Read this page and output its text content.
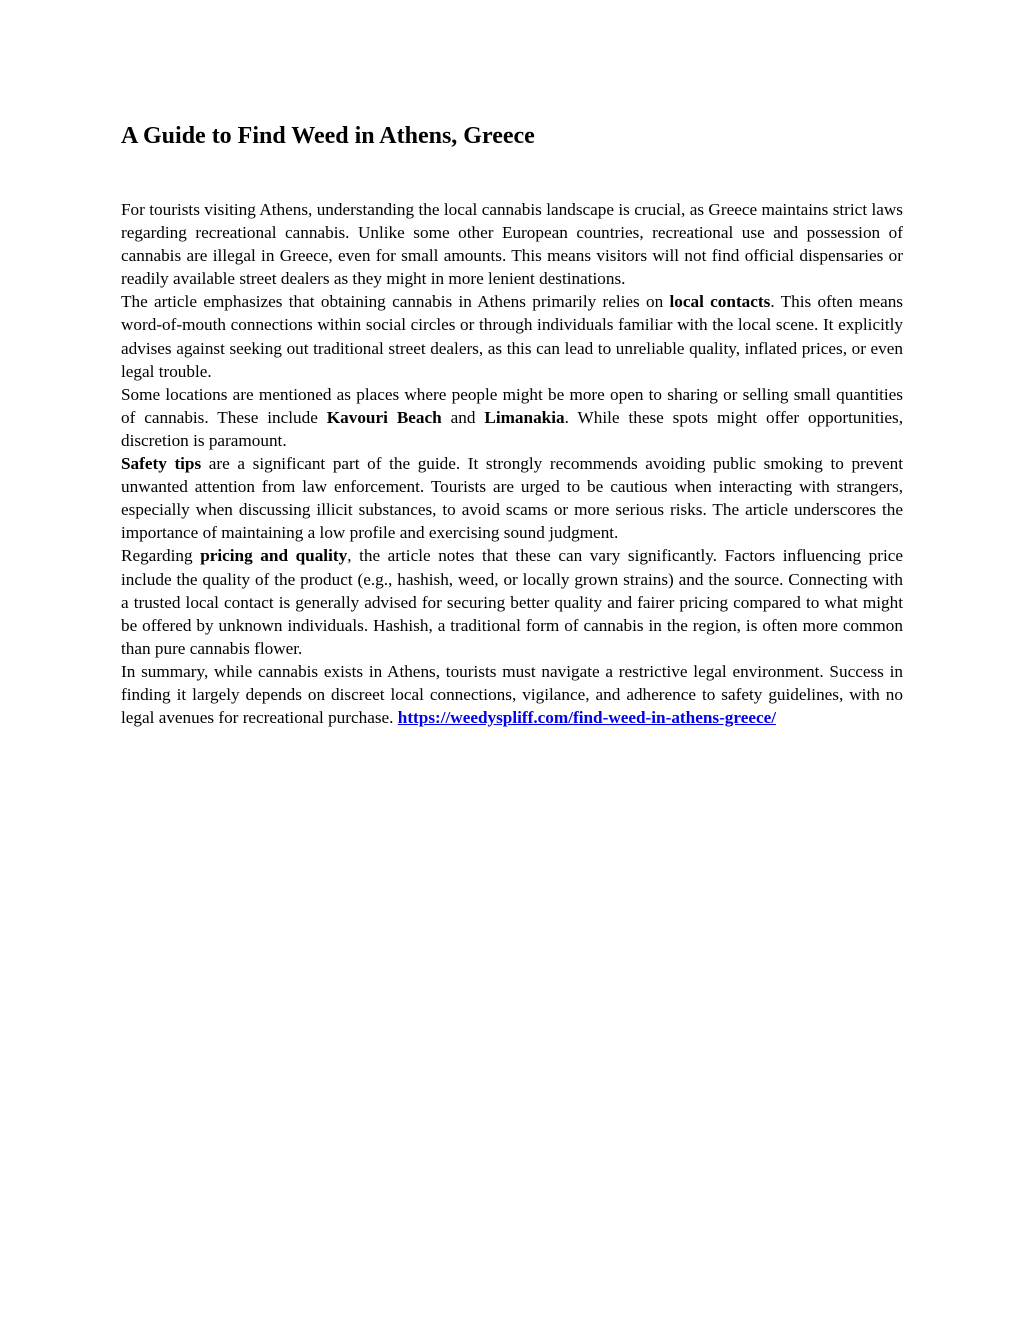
A Guide to Find Weed in Athens, Greece

For tourists visiting Athens, understanding the local cannabis landscape is crucial, as Greece maintains strict laws regarding recreational cannabis. Unlike some other European countries, recreational use and possession of cannabis are illegal in Greece, even for small amounts. This means visitors will not find official dispensaries or readily available street dealers as they might in more lenient destinations.

The article emphasizes that obtaining cannabis in Athens primarily relies on local contacts. This often means word-of-mouth connections within social circles or through individuals familiar with the local scene. It explicitly advises against seeking out traditional street dealers, as this can lead to unreliable quality, inflated prices, or even legal trouble.

Some locations are mentioned as places where people might be more open to sharing or selling small quantities of cannabis. These include Kavouri Beach and Limanakia. While these spots might offer opportunities, discretion is paramount.

Safety tips are a significant part of the guide. It strongly recommends avoiding public smoking to prevent unwanted attention from law enforcement. Tourists are urged to be cautious when interacting with strangers, especially when discussing illicit substances, to avoid scams or more serious risks. The article underscores the importance of maintaining a low profile and exercising sound judgment.

Regarding pricing and quality, the article notes that these can vary significantly. Factors influencing price include the quality of the product (e.g., hashish, weed, or locally grown strains) and the source. Connecting with a trusted local contact is generally advised for securing better quality and fairer pricing compared to what might be offered by unknown individuals. Hashish, a traditional form of cannabis in the region, is often more common than pure cannabis flower.

In summary, while cannabis exists in Athens, tourists must navigate a restrictive legal environment. Success in finding it largely depends on discreet local connections, vigilance, and adherence to safety guidelines, with no legal avenues for recreational purchase. https://weedyspliff.com/find-weed-in-athens-greece/
